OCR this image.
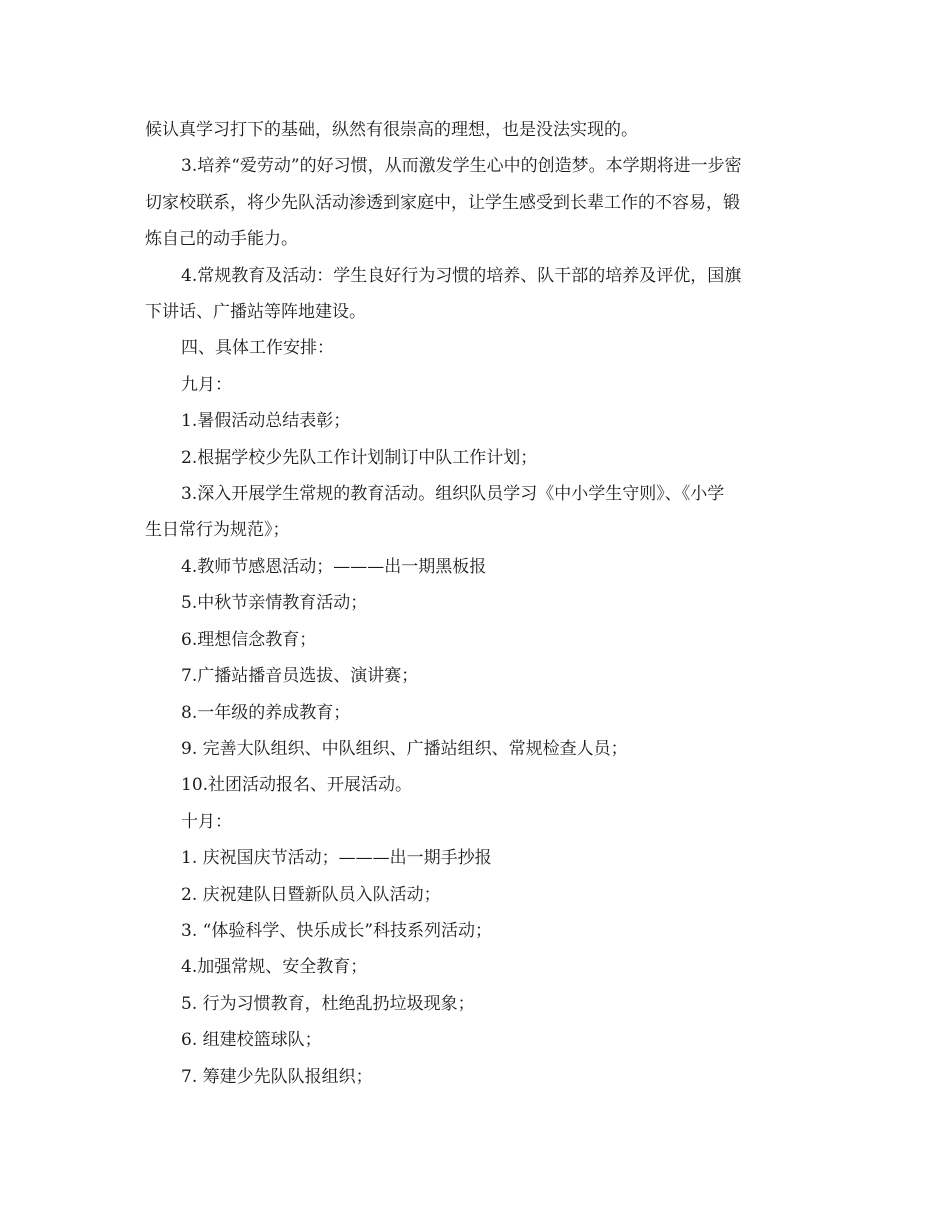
候认真学习打下的基础，纵然有很崇高的理想，也是没法实现的。

3.培养“爱劳动”的好习惯，从而激发学生心中的创造梦。本学期将进一步密

切家校联系，将少先队活动渗透到家庭中，让学生感受到长辈工作的不容易，锻

炼自己的动手能力。

4.常规教育及活动：学生良好行为习惯的培养、队干部的培养及评优，国旗

下讲话、广播站等阵地建设。

四、具体工作安排：

九月：

1.暑假活动总结表彰；

2.根据学校少先队工作计划制订中队工作计划；

3.深入开展学生常规的教育活动。组织队员学习《中小学生守则》、《小学

生日常行为规范》；

4.教师节感恩活动；———出一期黑板报

5.中秋节亲情教育活动；

6.理想信念教育；

7.广播站播音员选拔、演讲赛；

8.一年级的养成教育；

9. 完善大队组织、中队组织、广播站组织、常规检查人员；

10.社团活动报名、开展活动。

十月：

1. 庆祝国庆节活动；———出一期手抄报

2. 庆祝建队日暨新队员入队活动；

3. “体验科学、快乐成长”科技系列活动；

4.加强常规、安全教育；

5. 行为习惯教育，杜绝乱扔垃圾现象；

6. 组建校篮球队；

7. 筹建少先队队报组织；
